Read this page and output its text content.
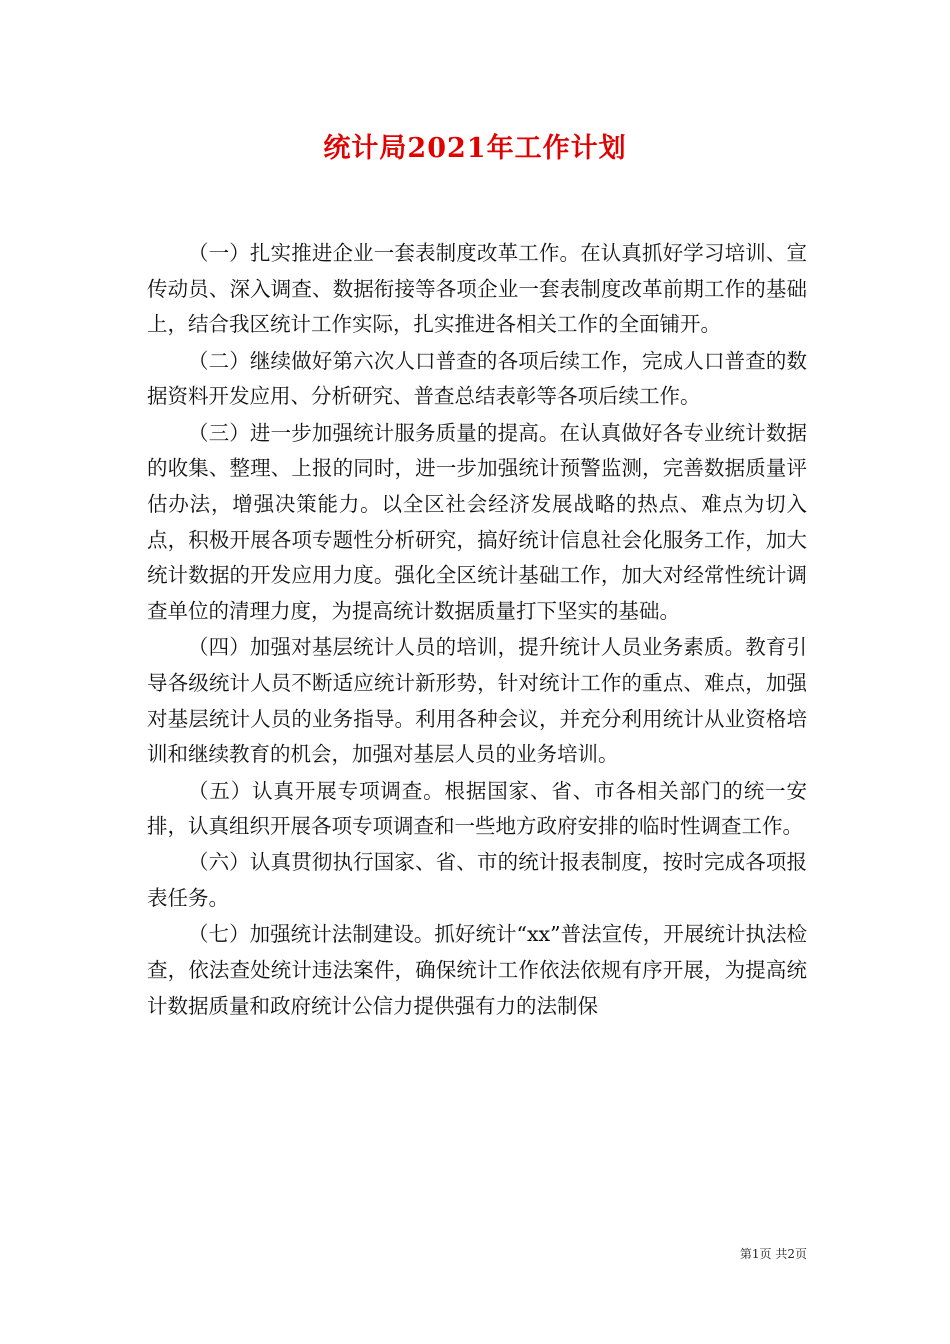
统计局2021年工作计划

（一）扎实推进企业一套表制度改革工作。在认真抓好学习培训、宣传动员、深入调查、数据衔接等各项企业一套表制度改革前期工作的基础上，结合我区统计工作实际，扎实推进各相关工作的全面铺开。

（二）继续做好第六次人口普查的各项后续工作，完成人口普查的数据资料开发应用、分析研究、普查总结表彰等各项后续工作。

（三）进一步加强统计服务质量的提高。在认真做好各专业统计数据的收集、整理、上报的同时，进一步加强统计预警监测，完善数据质量评估办法，增强决策能力。以全区社会经济发展战略的热点、难点为切入点，积极开展各项专题性分析研究，搞好统计信息社会化服务工作，加大统计数据的开发应用力度。强化全区统计基础工作，加大对经常性统计调查单位的清理力度，为提高统计数据质量打下坚实的基础。

（四）加强对基层统计人员的培训，提升统计人员业务素质。教育引导各级统计人员不断适应统计新形势，针对统计工作的重点、难点，加强对基层统计人员的业务指导。利用各种会议，并充分利用统计从业资格培训和继续教育的机会，加强对基层人员的业务培训。

（五）认真开展专项调查。根据国家、省、市各相关部门的统一安排，认真组织开展各项专项调查和一些地方政府安排的临时性调查工作。

（六）认真贯彻执行国家、省、市的统计报表制度，按时完成各项报表任务。

（七）加强统计法制建设。抓好统计“xx”普法宣传，开展统计执法检查，依法查处统计违法案件，确保统计工作依法依规有序开展，为提高统计数据质量和政府统计公信力提供强有力的法制保

第1页 共2页
